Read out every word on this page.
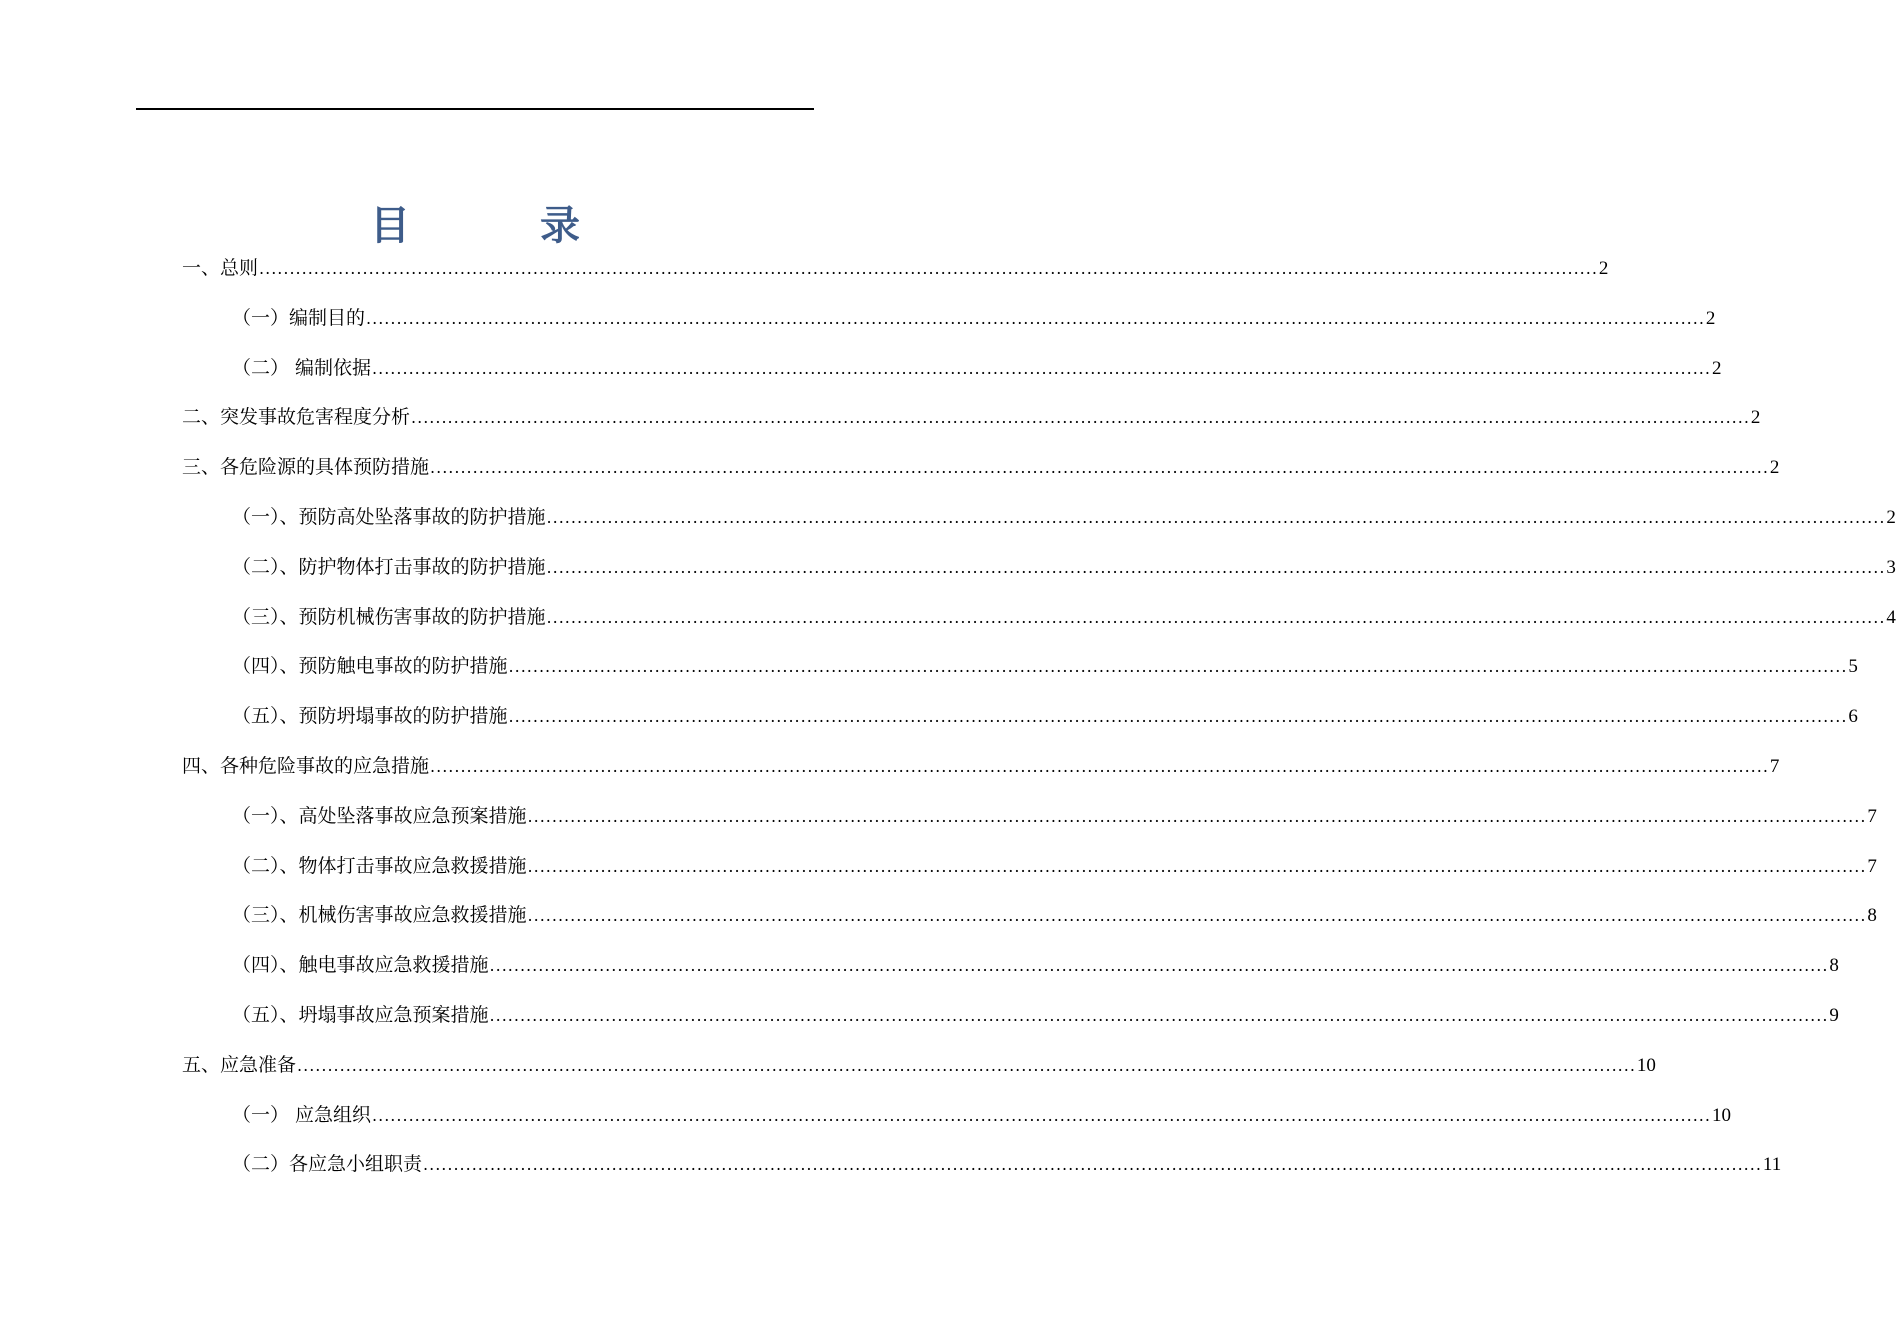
目 录
一、总则 ............................................................................................................................................................................................................................ 2
（一）编制目的 ............................................................................................................................................................................................................................ 2
（二） 编制依据 ............................................................................................................................................................................................................................ 2
二、突发事故危害程度分析 ............................................................................................................................................................................................................................ 2
三、各危险源的具体预防措施 ............................................................................................................................................................................................................................ 2
（一）、预防高处坠落事故的防护措施 ............................................................................................................................................................................................................................ 2
（二）、防护物体打击事故的防护措施 ............................................................................................................................................................................................................................ 3
（三）、预防机械伤害事故的防护措施 ............................................................................................................................................................................................................................ 4
（四）、预防触电事故的防护措施 ............................................................................................................................................................................................................................ 5
（五）、预防坍塌事故的防护措施 ............................................................................................................................................................................................................................ 6
四、各种危险事故的应急措施 ............................................................................................................................................................................................................................ 7
（一）、高处坠落事故应急预案措施 ............................................................................................................................................................................................................................ 7
（二）、物体打击事故应急救援措施 ............................................................................................................................................................................................................................ 7
（三）、机械伤害事故应急救援措施 ............................................................................................................................................................................................................................ 8
（四）、触电事故应急救援措施 ............................................................................................................................................................................................................................ 8
（五）、坍塌事故应急预案措施 ............................................................................................................................................................................................................................ 9
五、应急准备 ............................................................................................................................................................................................................................ 10
（一） 应急组织 ............................................................................................................................................................................................................................ 10
（二）各应急小组职责 ............................................................................................................................................................................................................................ 11
